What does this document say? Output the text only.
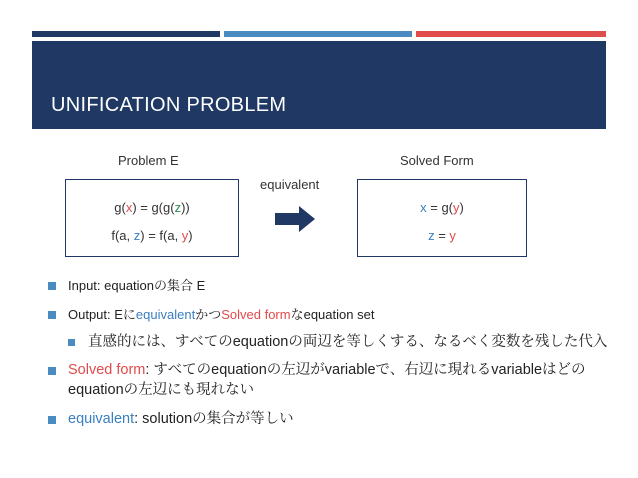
UNIFICATION PROBLEM
Problem E	Solved Form
equivalent
g(x) = g(g(z))
f(a, z) = f(a, y)
x = g(y)
z = y
Input: equationの集合 E
Output: EにequivalentかつSolved formなequation set
直感的には、すべてのequationの両辺を等しくする、なるべく変数を残した代入
Solved form: すべてのequationの左辺がvariableで、右辺に現れるvariableはどのequationの左辺にも現れない
equivalent: solutionの集合が等しい
